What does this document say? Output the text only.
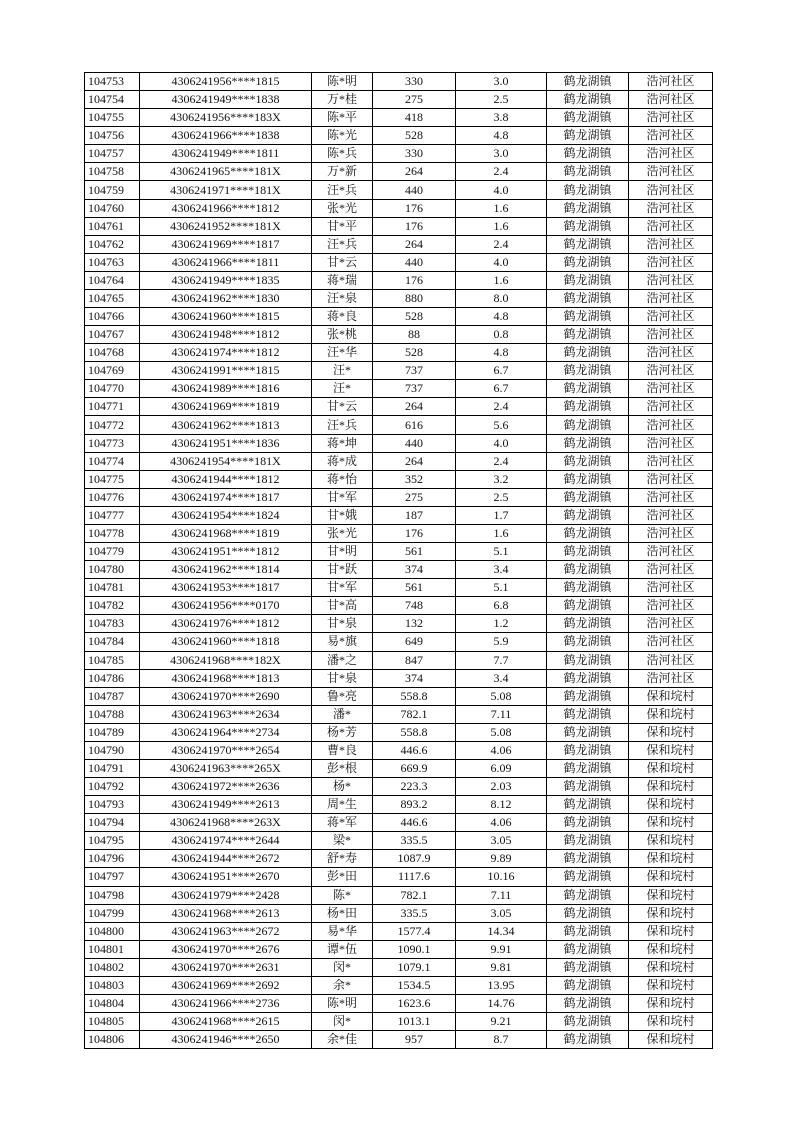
104753	4306241956****1815	陈*明	330	3.0	鹤龙湖镇	浩河社区
104754	4306241949****1838	万*桂	275	2.5	鹤龙湖镇	浩河社区
104755	4306241956****183X	陈*平	418	3.8	鹤龙湖镇	浩河社区
104756	4306241966****1838	陈*光	528	4.8	鹤龙湖镇	浩河社区
104757	4306241949****1811	陈*兵	330	3.0	鹤龙湖镇	浩河社区
104758	4306241965****181X	万*新	264	2.4	鹤龙湖镇	浩河社区
104759	4306241971****181X	汪*兵	440	4.0	鹤龙湖镇	浩河社区
104760	4306241966****1812	张*光	176	1.6	鹤龙湖镇	浩河社区
104761	4306241952****181X	甘*平	176	1.6	鹤龙湖镇	浩河社区
104762	4306241969****1817	汪*兵	264	2.4	鹤龙湖镇	浩河社区
104763	4306241966****1811	甘*云	440	4.0	鹤龙湖镇	浩河社区
104764	4306241949****1835	蒋*瑞	176	1.6	鹤龙湖镇	浩河社区
104765	4306241962****1830	汪*泉	880	8.0	鹤龙湖镇	浩河社区
104766	4306241960****1815	蒋*良	528	4.8	鹤龙湖镇	浩河社区
104767	4306241948****1812	张*桃	88	0.8	鹤龙湖镇	浩河社区
104768	4306241974****1812	汪*华	528	4.8	鹤龙湖镇	浩河社区
104769	4306241991****1815	汪*	737	6.7	鹤龙湖镇	浩河社区
104770	4306241989****1816	汪*	737	6.7	鹤龙湖镇	浩河社区
104771	4306241969****1819	甘*云	264	2.4	鹤龙湖镇	浩河社区
104772	4306241962****1813	汪*兵	616	5.6	鹤龙湖镇	浩河社区
104773	4306241951****1836	蒋*坤	440	4.0	鹤龙湖镇	浩河社区
104774	4306241954****181X	蒋*成	264	2.4	鹤龙湖镇	浩河社区
104775	4306241944****1812	蒋*怡	352	3.2	鹤龙湖镇	浩河社区
104776	4306241974****1817	甘*军	275	2.5	鹤龙湖镇	浩河社区
104777	4306241954****1824	甘*娥	187	1.7	鹤龙湖镇	浩河社区
104778	4306241968****1819	张*光	176	1.6	鹤龙湖镇	浩河社区
104779	4306241951****1812	甘*明	561	5.1	鹤龙湖镇	浩河社区
104780	4306241962****1814	甘*跃	374	3.4	鹤龙湖镇	浩河社区
104781	4306241953****1817	甘*军	561	5.1	鹤龙湖镇	浩河社区
104782	4306241956****0170	甘*高	748	6.8	鹤龙湖镇	浩河社区
104783	4306241976****1812	甘*泉	132	1.2	鹤龙湖镇	浩河社区
104784	4306241960****1818	易*旗	649	5.9	鹤龙湖镇	浩河社区
104785	4306241968****182X	潘*之	847	7.7	鹤龙湖镇	浩河社区
104786	4306241968****1813	甘*泉	374	3.4	鹤龙湖镇	浩河社区
104787	4306241970****2690	鲁*亮	558.8	5.08	鹤龙湖镇	保和垸村
104788	4306241963****2634	潘*	782.1	7.11	鹤龙湖镇	保和垸村
104789	4306241964****2734	杨*芳	558.8	5.08	鹤龙湖镇	保和垸村
104790	4306241970****2654	曹*良	446.6	4.06	鹤龙湖镇	保和垸村
104791	4306241963****265X	彭*根	669.9	6.09	鹤龙湖镇	保和垸村
104792	4306241972****2636	杨*	223.3	2.03	鹤龙湖镇	保和垸村
104793	4306241949****2613	周*生	893.2	8.12	鹤龙湖镇	保和垸村
104794	4306241968****263X	蒋*军	446.6	4.06	鹤龙湖镇	保和垸村
104795	4306241974****2644	梁*	335.5	3.05	鹤龙湖镇	保和垸村
104796	4306241944****2672	舒*寿	1087.9	9.89	鹤龙湖镇	保和垸村
104797	4306241951****2670	彭*田	1117.6	10.16	鹤龙湖镇	保和垸村
104798	4306241979****2428	陈*	782.1	7.11	鹤龙湖镇	保和垸村
104799	4306241968****2613	杨*田	335.5	3.05	鹤龙湖镇	保和垸村
104800	4306241963****2672	易*华	1577.4	14.34	鹤龙湖镇	保和垸村
104801	4306241970****2676	谭*伍	1090.1	9.91	鹤龙湖镇	保和垸村
104802	4306241970****2631	闵*	1079.1	9.81	鹤龙湖镇	保和垸村
104803	4306241969****2692	余*	1534.5	13.95	鹤龙湖镇	保和垸村
104804	4306241966****2736	陈*明	1623.6	14.76	鹤龙湖镇	保和垸村
104805	4306241968****2615	闵*	1013.1	9.21	鹤龙湖镇	保和垸村
104806	4306241946****2650	余*佳	957	8.7	鹤龙湖镇	保和垸村
